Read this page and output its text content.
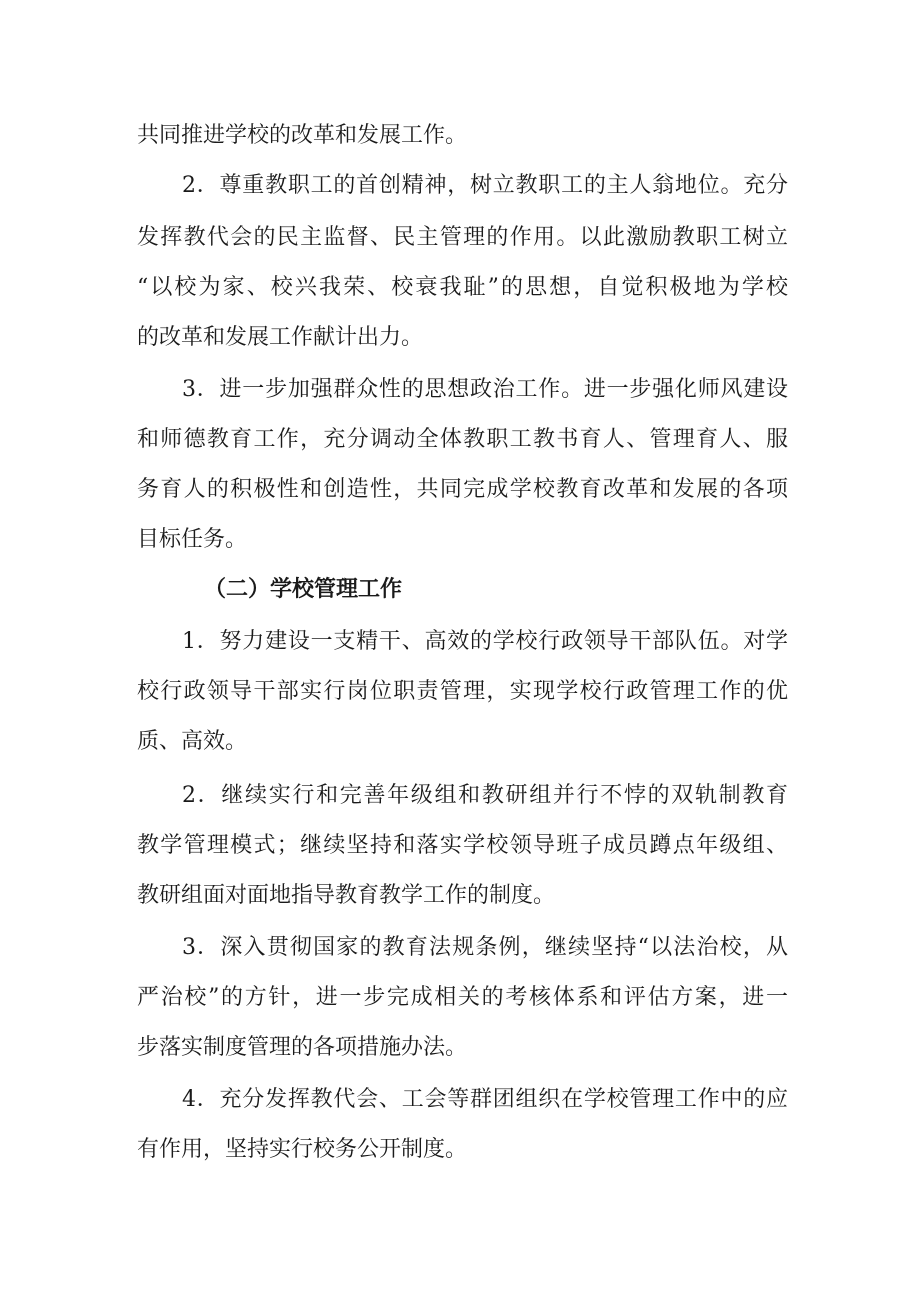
共同推进学校的改革和发展工作。
2．尊重教职工的首创精神，树立教职工的主人翁地位。充分
发挥教代会的民主监督、民主管理的作用。以此激励教职工树立
“以校为家、校兴我荣、校衰我耻”的思想，自觉积极地为学校
的改革和发展工作献计出力。
3．进一步加强群众性的思想政治工作。进一步强化师风建设
和师德教育工作，充分调动全体教职工教书育人、管理育人、服
务育人的积极性和创造性，共同完成学校教育改革和发展的各项
目标任务。
（二）学校管理工作
1．努力建设一支精干、高效的学校行政领导干部队伍。对学
校行政领导干部实行岗位职责管理，实现学校行政管理工作的优
质、高效。
2．继续实行和完善年级组和教研组并行不悖的双轨制教育
教学管理模式；继续坚持和落实学校领导班子成员蹲点年级组、
教研组面对面地指导教育教学工作的制度。
3．深入贯彻国家的教育法规条例，继续坚持“以法治校，从
严治校”的方针，进一步完成相关的考核体系和评估方案，进一
步落实制度管理的各项措施办法。
4．充分发挥教代会、工会等群团组织在学校管理工作中的应
有作用，坚持实行校务公开制度。
